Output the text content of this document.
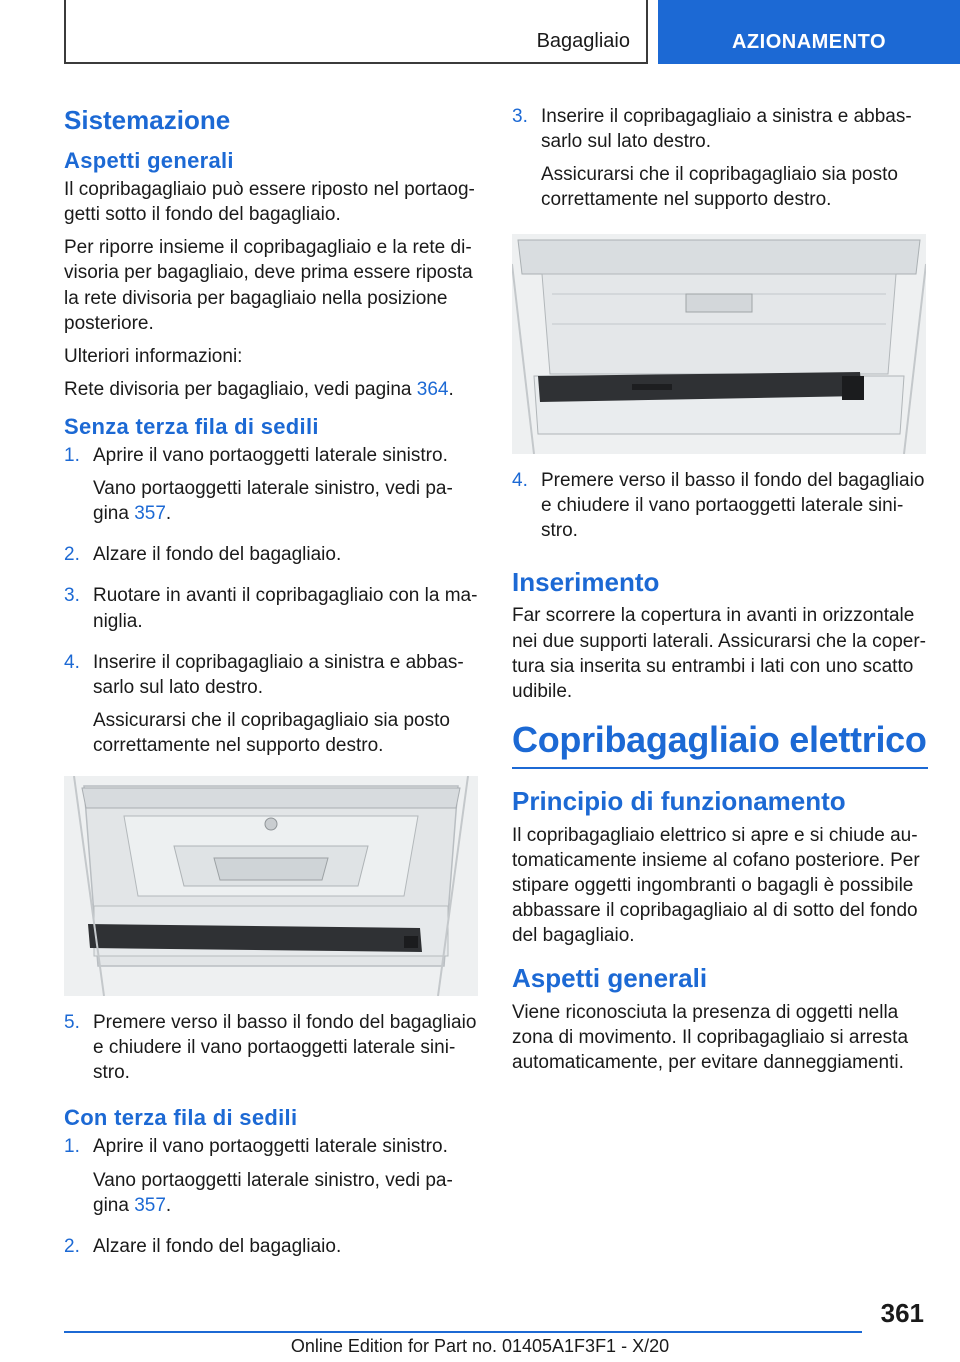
Bagagliaio	AZIONAMENTO
Sistemazione
Aspetti generali

Il copribagagliaio può essere riposto nel portaoggetti sotto il fondo del bagagliaio.

Per riporre insieme il copribagagliaio e la rete divisoria per bagagliaio, deve prima essere riposta la rete divisoria per bagagliaio nella posizione posteriore.

Ulteriori informazioni:

Rete divisoria per bagagliaio, vedi pagina 364.

Senza terza fila di sedili
1. Aprire il vano portaoggetti laterale sinistro.

Vano portaoggetti laterale sinistro, vedi pagina 357.

2. Alzare il fondo del bagagliaio.

3. Ruotare in avanti il copribagagliaio con la maniglia.

4. Inserire il copribagagliaio a sinistra e abbassarlo sul lato destro.

Assicurarsi che il copribagagliaio sia posto correttamente nel supporto destro.

5. Premere verso il basso il fondo del bagagliaio e chiudere il vano portaoggetti laterale sinistro.

Con terza fila di sedili
1. Aprire il vano portaoggetti laterale sinistro.

Vano portaoggetti laterale sinistro, vedi pagina 357.

2. Alzare il fondo del bagagliaio.

3. Inserire il copribagagliaio a sinistra e abbassarlo sul lato destro.

Assicurarsi che il copribagagliaio sia posto correttamente nel supporto destro.

4. Premere verso il basso il fondo del bagagliaio e chiudere il vano portaoggetti laterale sinistro.

Inserimento

Far scorrere la copertura in avanti in orizzontale nei due supporti laterali. Assicurarsi che la copertura sia inserita su entrambi i lati con uno scatto udibile.

Copribagagliaio elettrico
Principio di funzionamento

Il copribagagliaio elettrico si apre e si chiude automaticamente insieme al cofano posteriore. Per stipare oggetti ingombranti o bagagli è possibile abbassare il copribagagliaio al di sotto del fondo del bagagliaio.

Aspetti generali

Viene riconosciuta la presenza di oggetti nella zona di movimento. Il copribagagliaio si arresta automaticamente, per evitare danneggiamenti.

361
Online Edition for Part no. 01405A1F3F1 - X/20
